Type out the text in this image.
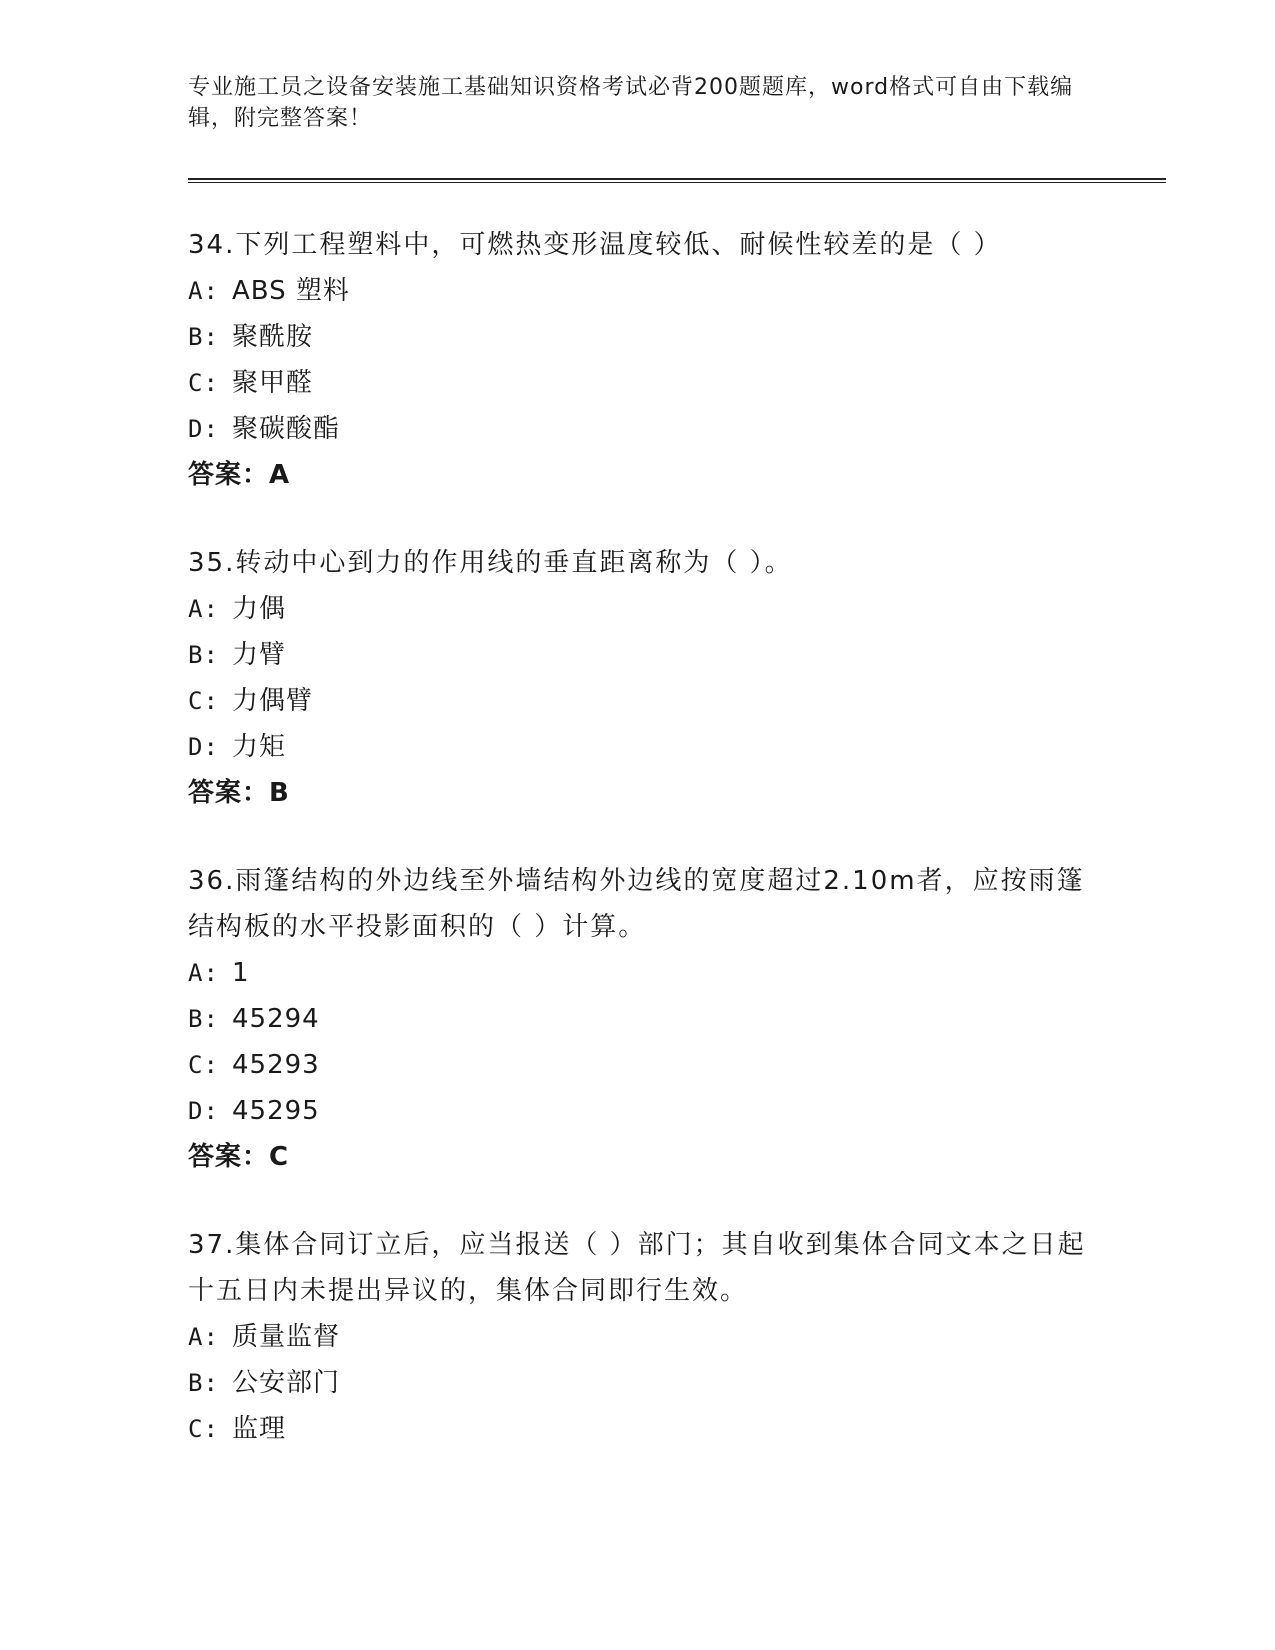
专业施工员之设备安装施工基础知识资格考试必背200题题库，word格式可自由下载编辑，附完整答案！

34.下列工程塑料中，可燃热变形温度较低、耐候性较差的是（ ）

A: ABS 塑料

B: 聚酰胺

C: 聚甲醛

D: 聚碳酸酯

答案：A

35.转动中心到力的作用线的垂直距离称为（ ）。

A: 力偶

B: 力臂

C: 力偶臂

D: 力矩

答案：B

36.雨篷结构的外边线至外墙结构外边线的宽度超过2.10m者，应按雨篷结构板的水平投影面积的（ ）计算。

A: 1

B: 45294

C: 45293

D: 45295

答案：C

37.集体合同订立后，应当报送（ ）部门；其自收到集体合同文本之日起十五日内未提出异议的，集体合同即行生效。

A: 质量监督

B: 公安部门

C: 监理
